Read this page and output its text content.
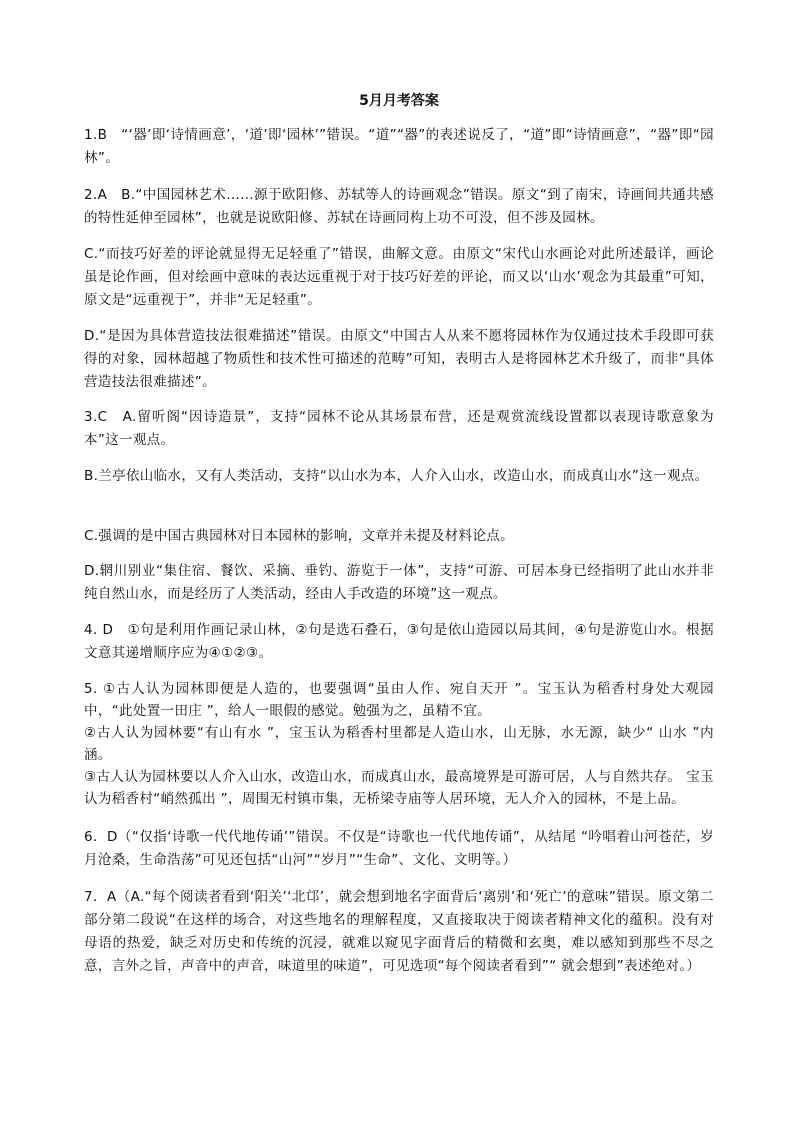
5月月考答案
1.B　“‘器’即‘诗情画意’，‘道’即‘园林’”错误。“道”“器”的表述说反了，“道”即“诗情画意”，“器”即“园林”。
2.A　B.“中国园林艺术……源于欧阳修、苏轼等人的诗画观念”错误。原文“到了南宋，诗画间共通共感的特性延伸至园林”，也就是说欧阳修、苏轼在诗画同构上功不可没，但不涉及园林。
C.“而技巧好差的评论就显得无足轻重了”错误，曲解文意。由原文“宋代山水画论对此所述最详，画论虽是论作画，但对绘画中意味的表达远重视于对于技巧好差的评论，而又以‘山水’观念为其最重”可知，原文是“远重视于”，并非“无足轻重”。
D.“是因为具体营造技法很难描述”错误。由原文“中国古人从来不愿将园林作为仅通过技术手段即可获得的对象，园林超越了物质性和技术性可描述的范畴”可知，表明古人是将园林艺术升级了，而非“具体营造技法很难描述”。
3.C　A.留听阁“因诗造景”，支持“园林不论从其场景布营，还是观赏流线设置都以表现诗歌意象为本”这一观点。
B.兰亭依山临水，又有人类活动，支持“以山水为本，人介入山水，改造山水，而成真山水”这一观点。
C.强调的是中国古典园林对日本园林的影响，文章并未提及材料论点。
D.辋川别业“集住宿、餐饮、采摘、垂钓、游览于一体”，支持“可游、可居本身已经指明了此山水并非纯自然山水，而是经历了人类活动，经由人手改造的环境”这一观点。
4. D　①句是利用作画记录山林，②句是选石叠石，③句是依山造园以局其间，④句是游览山水。根据文意其递增顺序应为④①②③。
5. ①古人认为园林即便是人造的，也要强调“虽由人作、宛自天开 ”。宝玉认为稻香村身处大观园中，“此处置一田庄 ”，给人一眼假的感觉。勉强为之，虽精不宜。
②古人认为园林要“有山有水 ”，宝玉认为稻香村里都是人造山水，山无脉，水无源，缺少“ 山水 ”内涵。
③古人认为园林要以人介入山水，改造山水，而成真山水，最高境界是可游可居，人与自然共存。 宝玉认为稻香村“峭然孤出 ”，周围无村镇市集，无桥梁寺庙等人居环境，无人介入的园林，不是上品。
6．D（“仅指‘诗歌一代代地传诵’”错误。不仅是“诗歌也一代代地传诵”，从结尾 “吟唱着山河苍茫，岁月沧桑，生命浩荡”可见还包括“山河”“岁月”“生命”、文化、文明等。）
7．A（A.“每个阅读者看到‘阳关’‘北邙’，就会想到地名字面背后‘离别’和‘死亡’的意味”错误。原文第二部分第二段说“在这样的场合，对这些地名的理解程度，又直接取决于阅读者精神文化的蕴积。没有对母语的热爱，缺乏对历史和传统的沉浸，就难以窥见字面背后的精微和玄奥，难以感知到那些不尽之意，言外之旨，声音中的声音，味道里的味道”，可见选项“每个阅读者看到”“ 就会想到”表述绝对。）
